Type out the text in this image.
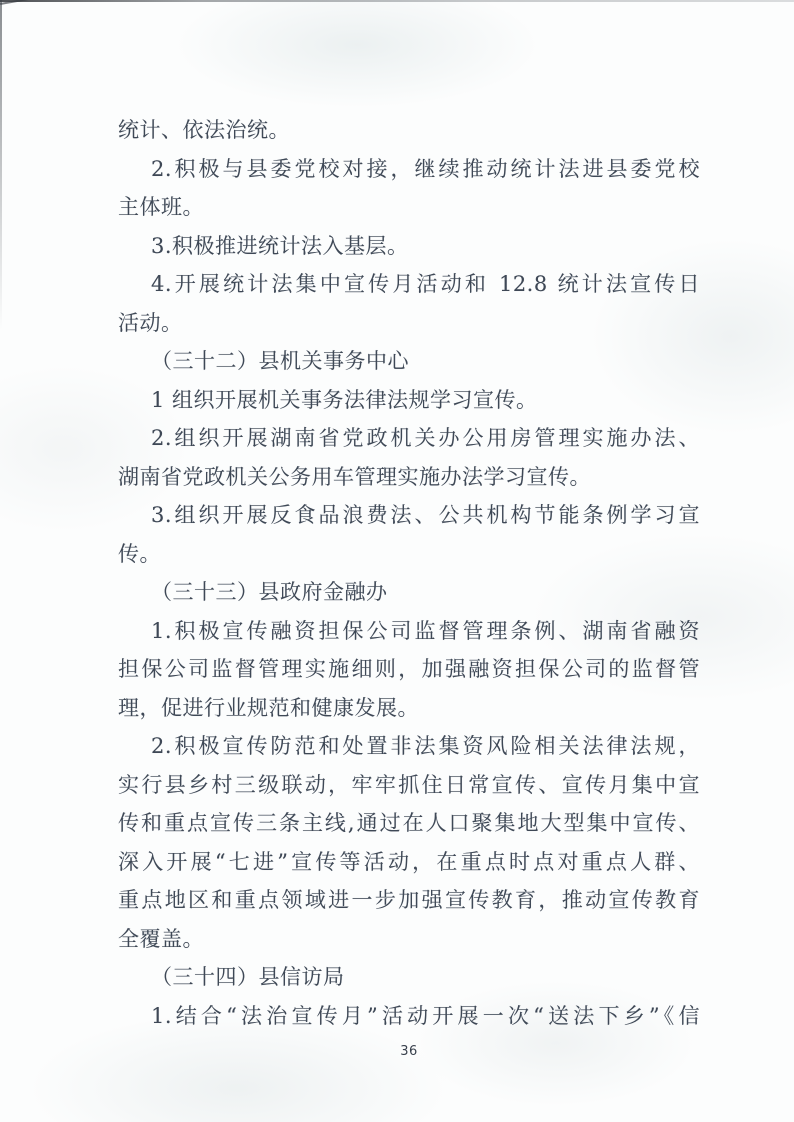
统计、依法治统。
2.积极与县委党校对接，继续推动统计法进县委党校
主体班。
3.积极推进统计法入基层。
4.开展统计法集中宣传月活动和 12.8 统计法宣传日
活动。
（三十二）县机关事务中心
1 组织开展机关事务法律法规学习宣传。
2.组织开展湖南省党政机关办公用房管理实施办法、
湖南省党政机关公务用车管理实施办法学习宣传。
3.组织开展反食品浪费法、公共机构节能条例学习宣
传。
（三十三）县政府金融办
1.积极宣传融资担保公司监督管理条例、湖南省融资
担保公司监督管理实施细则，加强融资担保公司的监督管
理，促进行业规范和健康发展。
2.积极宣传防范和处置非法集资风险相关法律法规，
实行县乡村三级联动，牢牢抓住日常宣传、宣传月集中宣
传和重点宣传三条主线,通过在人口聚集地大型集中宣传、
深入开展“七进”宣传等活动，在重点时点对重点人群、
重点地区和重点领域进一步加强宣传教育，推动宣传教育
全覆盖。
（三十四）县信访局
1.结合“法治宣传月”活动开展一次“送法下乡”《信
36
